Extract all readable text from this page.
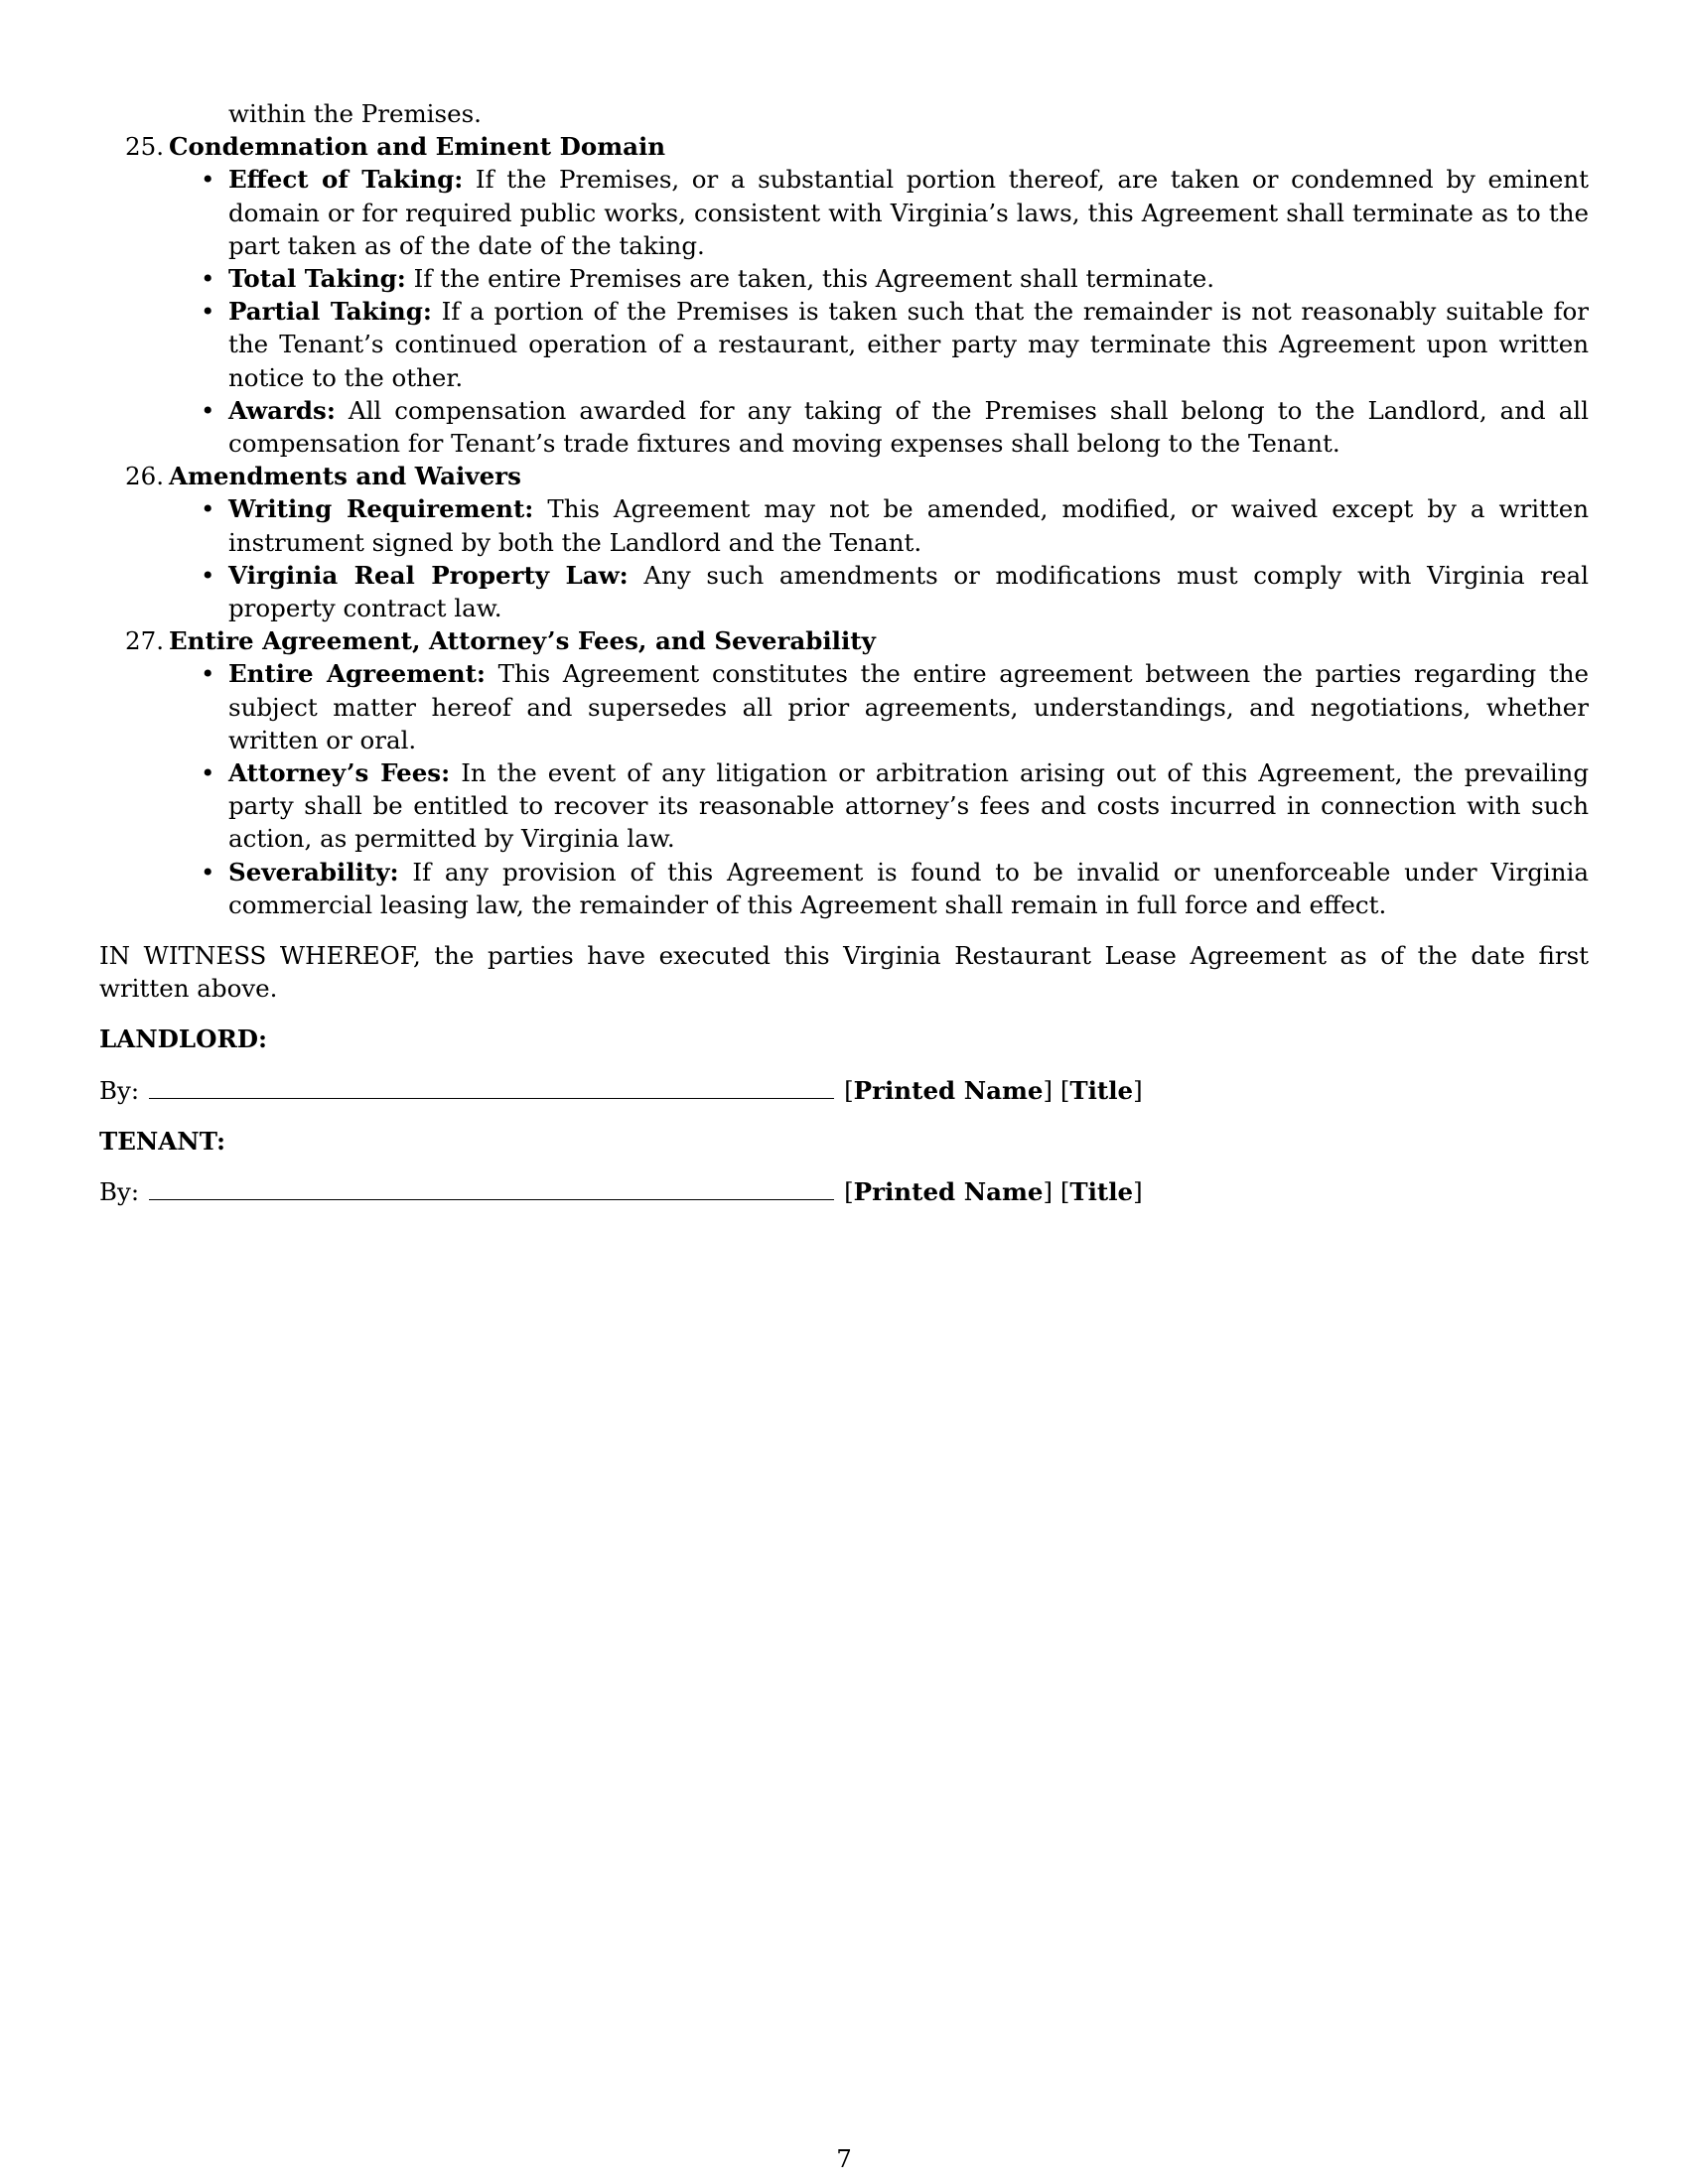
within the Premises.
25. Condemnation and Eminent Domain
• Effect of Taking: If the Premises, or a substantial portion thereof, are taken or condemned by eminent domain or for required public works, consistent with Virginia’s laws, this Agreement shall terminate as to the part taken as of the date of the taking.
• Total Taking: If the entire Premises are taken, this Agreement shall terminate.
• Partial Taking: If a portion of the Premises is taken such that the remainder is not reasonably suitable for the Tenant’s continued operation of a restaurant, either party may terminate this Agreement upon written notice to the other.
• Awards: All compensation awarded for any taking of the Premises shall belong to the Landlord, and all compensation for Tenant’s trade fixtures and moving expenses shall belong to the Tenant.
26. Amendments and Waivers
• Writing Requirement: This Agreement may not be amended, modified, or waived except by a written instrument signed by both the Landlord and the Tenant.
• Virginia Real Property Law: Any such amendments or modifications must comply with Virginia real property contract law.
27. Entire Agreement, Attorney’s Fees, and Severability
• Entire Agreement: This Agreement constitutes the entire agreement between the parties regarding the subject matter hereof and supersedes all prior agreements, understandings, and negotiations, whether written or oral.
• Attorney’s Fees: In the event of any litigation or arbitration arising out of this Agreement, the prevailing party shall be entitled to recover its reasonable attorney’s fees and costs incurred in connection with such action, as permitted by Virginia law.
• Severability: If any provision of this Agreement is found to be invalid or unenforceable under Virginia commercial leasing law, the remainder of this Agreement shall remain in full force and effect.
IN WITNESS WHEREOF, the parties have executed this Virginia Restaurant Lease Agreement as of the date first written above.
LANDLORD:
By:	[ Printed Name ]
[ Title ]
TENANT:
By:	[ Printed Name ]
[ Title ]
7
